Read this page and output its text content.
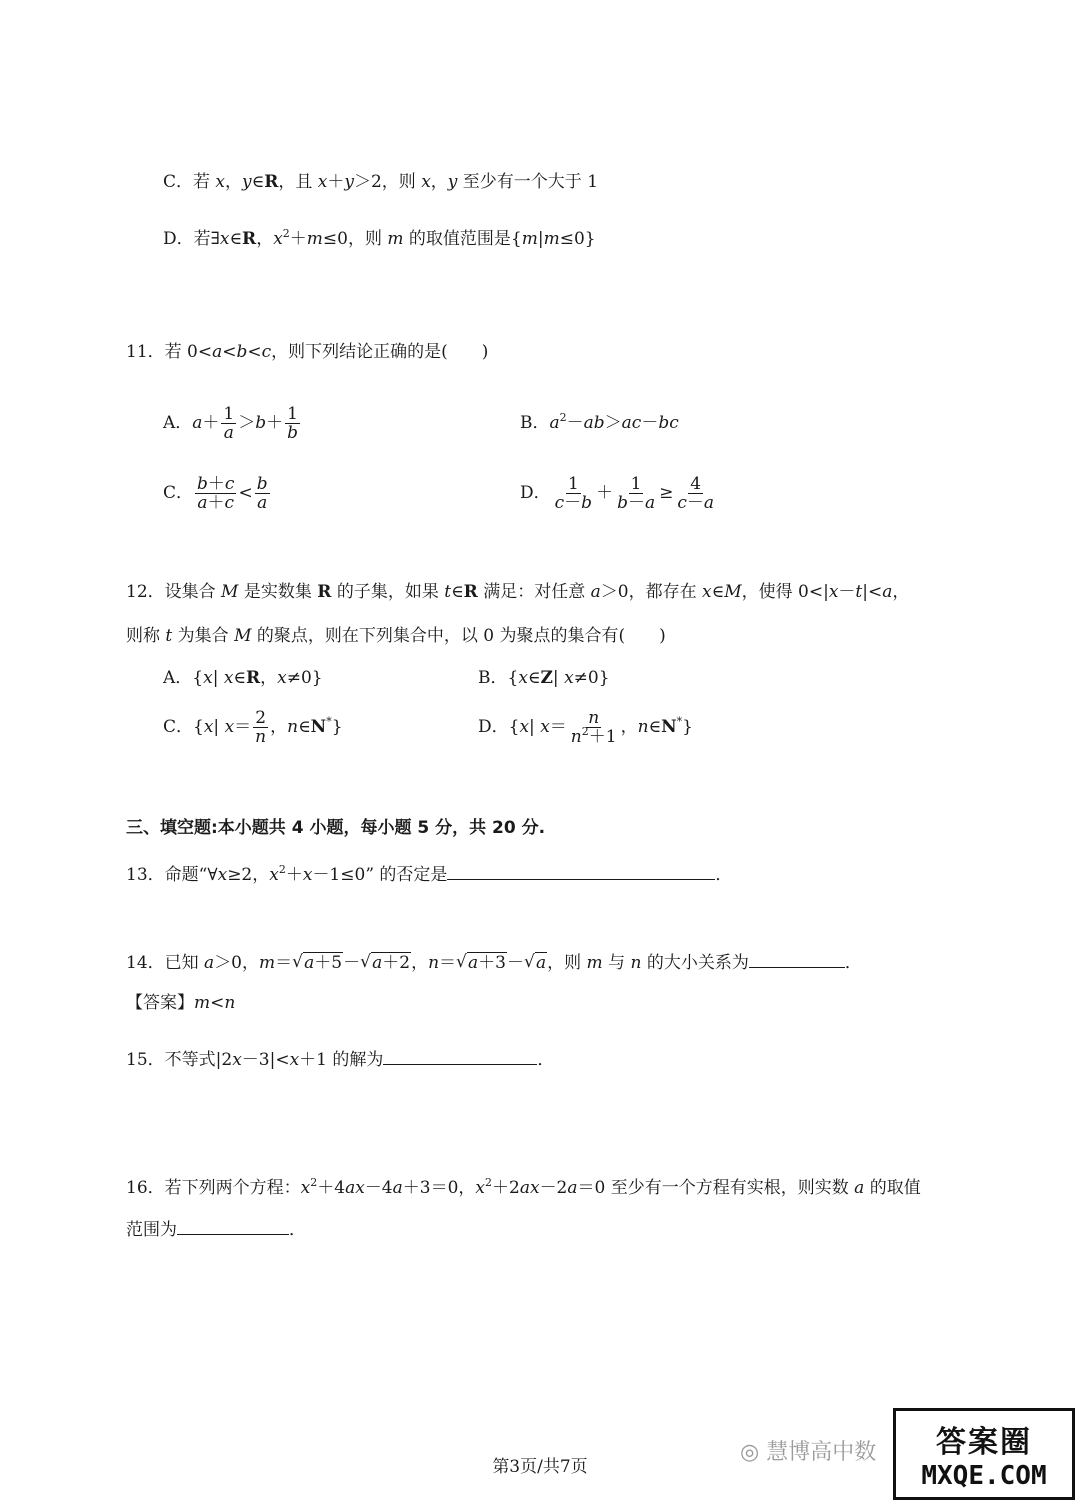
C．若 x，y∈R，且 x＋y＞2，则 x，y 至少有一个大于 1
D．若∃x∈R，$x^2+m\le 0$，则 m 的取值范围是{m|m≤0}
11．若 0<a<b<c，则下列结论正确的是(　　)
A．$a+ \frac{1}{a} >b+ \frac{1}{b}$	B．$a^2-ab>ac-bc$
C． $\frac{b+c}{a+c} < \frac{b}{a}$	D． $\frac{1}{c-b} + \frac{1}{b-a} \ge \frac{4}{c-a}$
12．设集合 M 是实数集 R 的子集，如果 t∈R 满足：对任意 a＞0，都存在 x∈M，使得 0<|x－t|<a，
则称 t 为集合 M 的聚点，则在下列集合中，以 0 为聚点的集合有(　　)
A．{x| x∈R，x≠0}	B．{x∈Z| x≠0}
C．{x| $x= \frac{2}{n}$ ，n∈N*}	D．{x| $x= \frac{n}{n^2+1}$ ，n∈N*}
三、填空题:本小题共 4 小题，每小题 5 分，共 20 分.
13．命题“∀x≥2，$x^2+x-1\le 0$” 的否定是	．
14．已知 a＞0，m＝ √ a＋5－ √ a＋2，n＝ √ a＋3－ √ a，则 m 与 n 的大小关系为	．
【答案】m<n
15．不等式|2x－3|<x＋1 的解为	．
16．若下列两个方程：$x^2+4ax-4a+3=0$，$x^2+2ax-2a=0$ 至少有一个方程有实根，则实数 a 的取值
范围为	．
第3页/共7页
◎ 慧博高中数 答案圈
MXQE.COM
